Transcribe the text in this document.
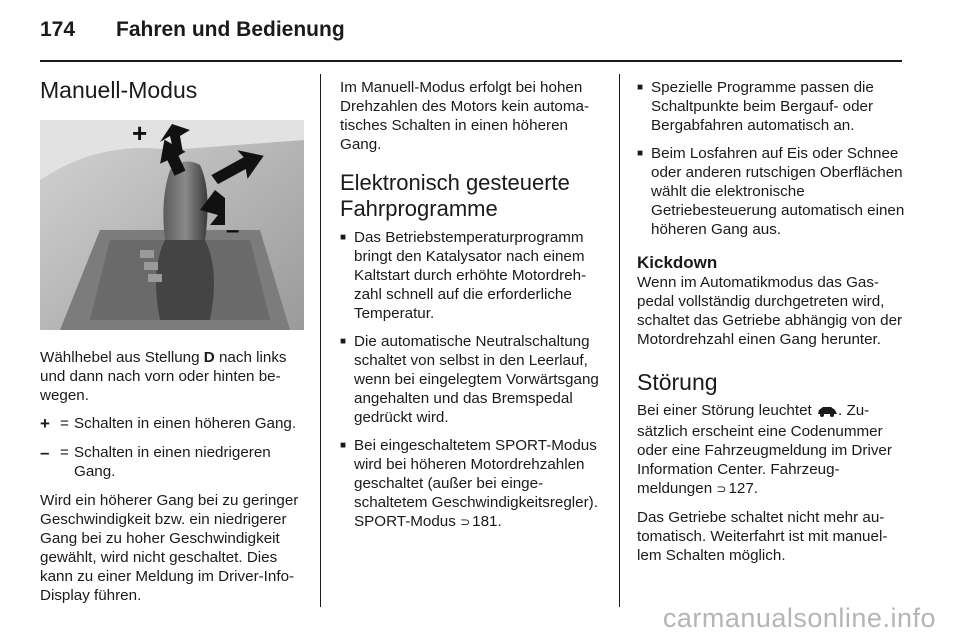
174 Fahren und Bedienung
Manuell-Modus
+
–

Wählhebel aus Stellung D nach links und dann nach vorn oder hinten bewegen.

+ = Schalten in einen höheren Gang.
– = Schalten in einen niedrigeren Gang.

Wird ein höherer Gang bei zu geringer Geschwindigkeit bzw. ein niedrigerer Gang bei zu hoher Geschwindigkeit gewählt, wird nicht geschaltet. Dies kann zu einer Meldung im Driver-Info-Display führen.

Im Manuell-Modus erfolgt bei hohen Drehzahlen des Motors kein automatisches Schalten in einen höheren Gang.

Elektronisch gesteuerte Fahrprogramme
■ Das Betriebstemperaturprogramm bringt den Katalysator nach einem Kaltstart durch erhöhte Motordrehzahl schnell auf die erforderliche Temperatur.
■ Die automatische Neutralschaltung schaltet von selbst in den Leerlauf, wenn bei eingelegtem Vorwärtsgang angehalten und das Bremspedal gedrückt wird.
■ Bei eingeschaltetem SPORT-Modus wird bei höheren Motordrehzahlen geschaltet (außer bei eingeschaltetem Geschwindigkeitsregler). SPORT-Modus ⊃ 181.
■ Spezielle Programme passen die Schaltpunkte beim Bergauf- oder Bergabfahren automatisch an.
■ Beim Losfahren auf Eis oder Schnee oder anderen rutschigen Oberflächen wählt die elektronische Getriebesteuerung automatisch einen höheren Gang aus.
Kickdown

Wenn im Automatikmodus das Gaspedal vollständig durchgetreten wird, schaltet das Getriebe abhängig von der Motordrehzahl einen Gang herunter.

Störung

Bei einer Störung leuchtet . Zusätzlich erscheint eine Codenummer oder eine Fahrzeugmeldung im Driver Information Center. Fahrzeugmeldungen ⊃ 127.

Das Getriebe schaltet nicht mehr automatisch. Weiterfahrt ist mit manuellem Schalten möglich.

carmanualsonline.info
